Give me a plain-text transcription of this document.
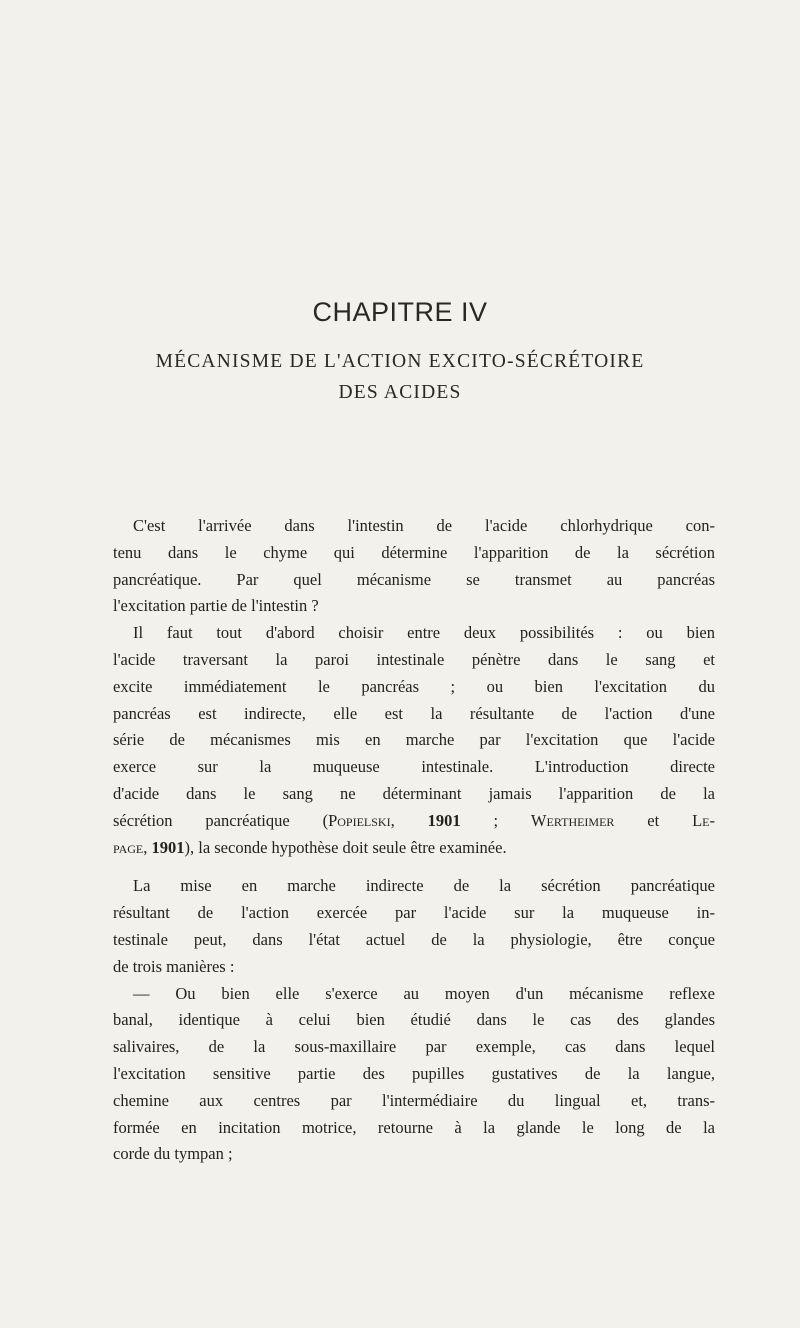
CHAPITRE IV
MÉCANISME DE L'ACTION EXCITO-SÉCRÉTOIRE
DES ACIDES
C'est l'arrivée dans l'intestin de l'acide chlorhydrique con-
tenu dans le chyme qui détermine l'apparition de la sécrétion
pancréatique. Par quel mécanisme se transmet au pancréas
l'excitation partie de l'intestin ?
Il faut tout d'abord choisir entre deux possibilités : ou bien
l'acide traversant la paroi intestinale pénètre dans le sang et
excite immédiatement le pancréas ; ou bien l'excitation du
pancréas est indirecte, elle est la résultante de l'action d'une
série de mécanismes mis en marche par l'excitation que l'acide
exerce sur la muqueuse intestinale. L'introduction directe
d'acide dans le sang ne déterminant jamais l'apparition de la
sécrétion pancréatique (Popielski, 1901 ; Wertheimer et Le-
page, 1901), la seconde hypothèse doit seule être examinée.
La mise en marche indirecte de la sécrétion pancréatique
résultant de l'action exercée par l'acide sur la muqueuse in-
testinale peut, dans l'état actuel de la physiologie, être conçue
de trois manières :
— Ou bien elle s'exerce au moyen d'un mécanisme reflexe
banal, identique à celui bien étudié dans le cas des glandes
salivaires, de la sous-maxillaire par exemple, cas dans lequel
l'excitation sensitive partie des pupilles gustatives de la langue,
chemine aux centres par l'intermédiaire du lingual et, trans-
formée en incitation motrice, retourne à la glande le long de la
corde du tympan ;
